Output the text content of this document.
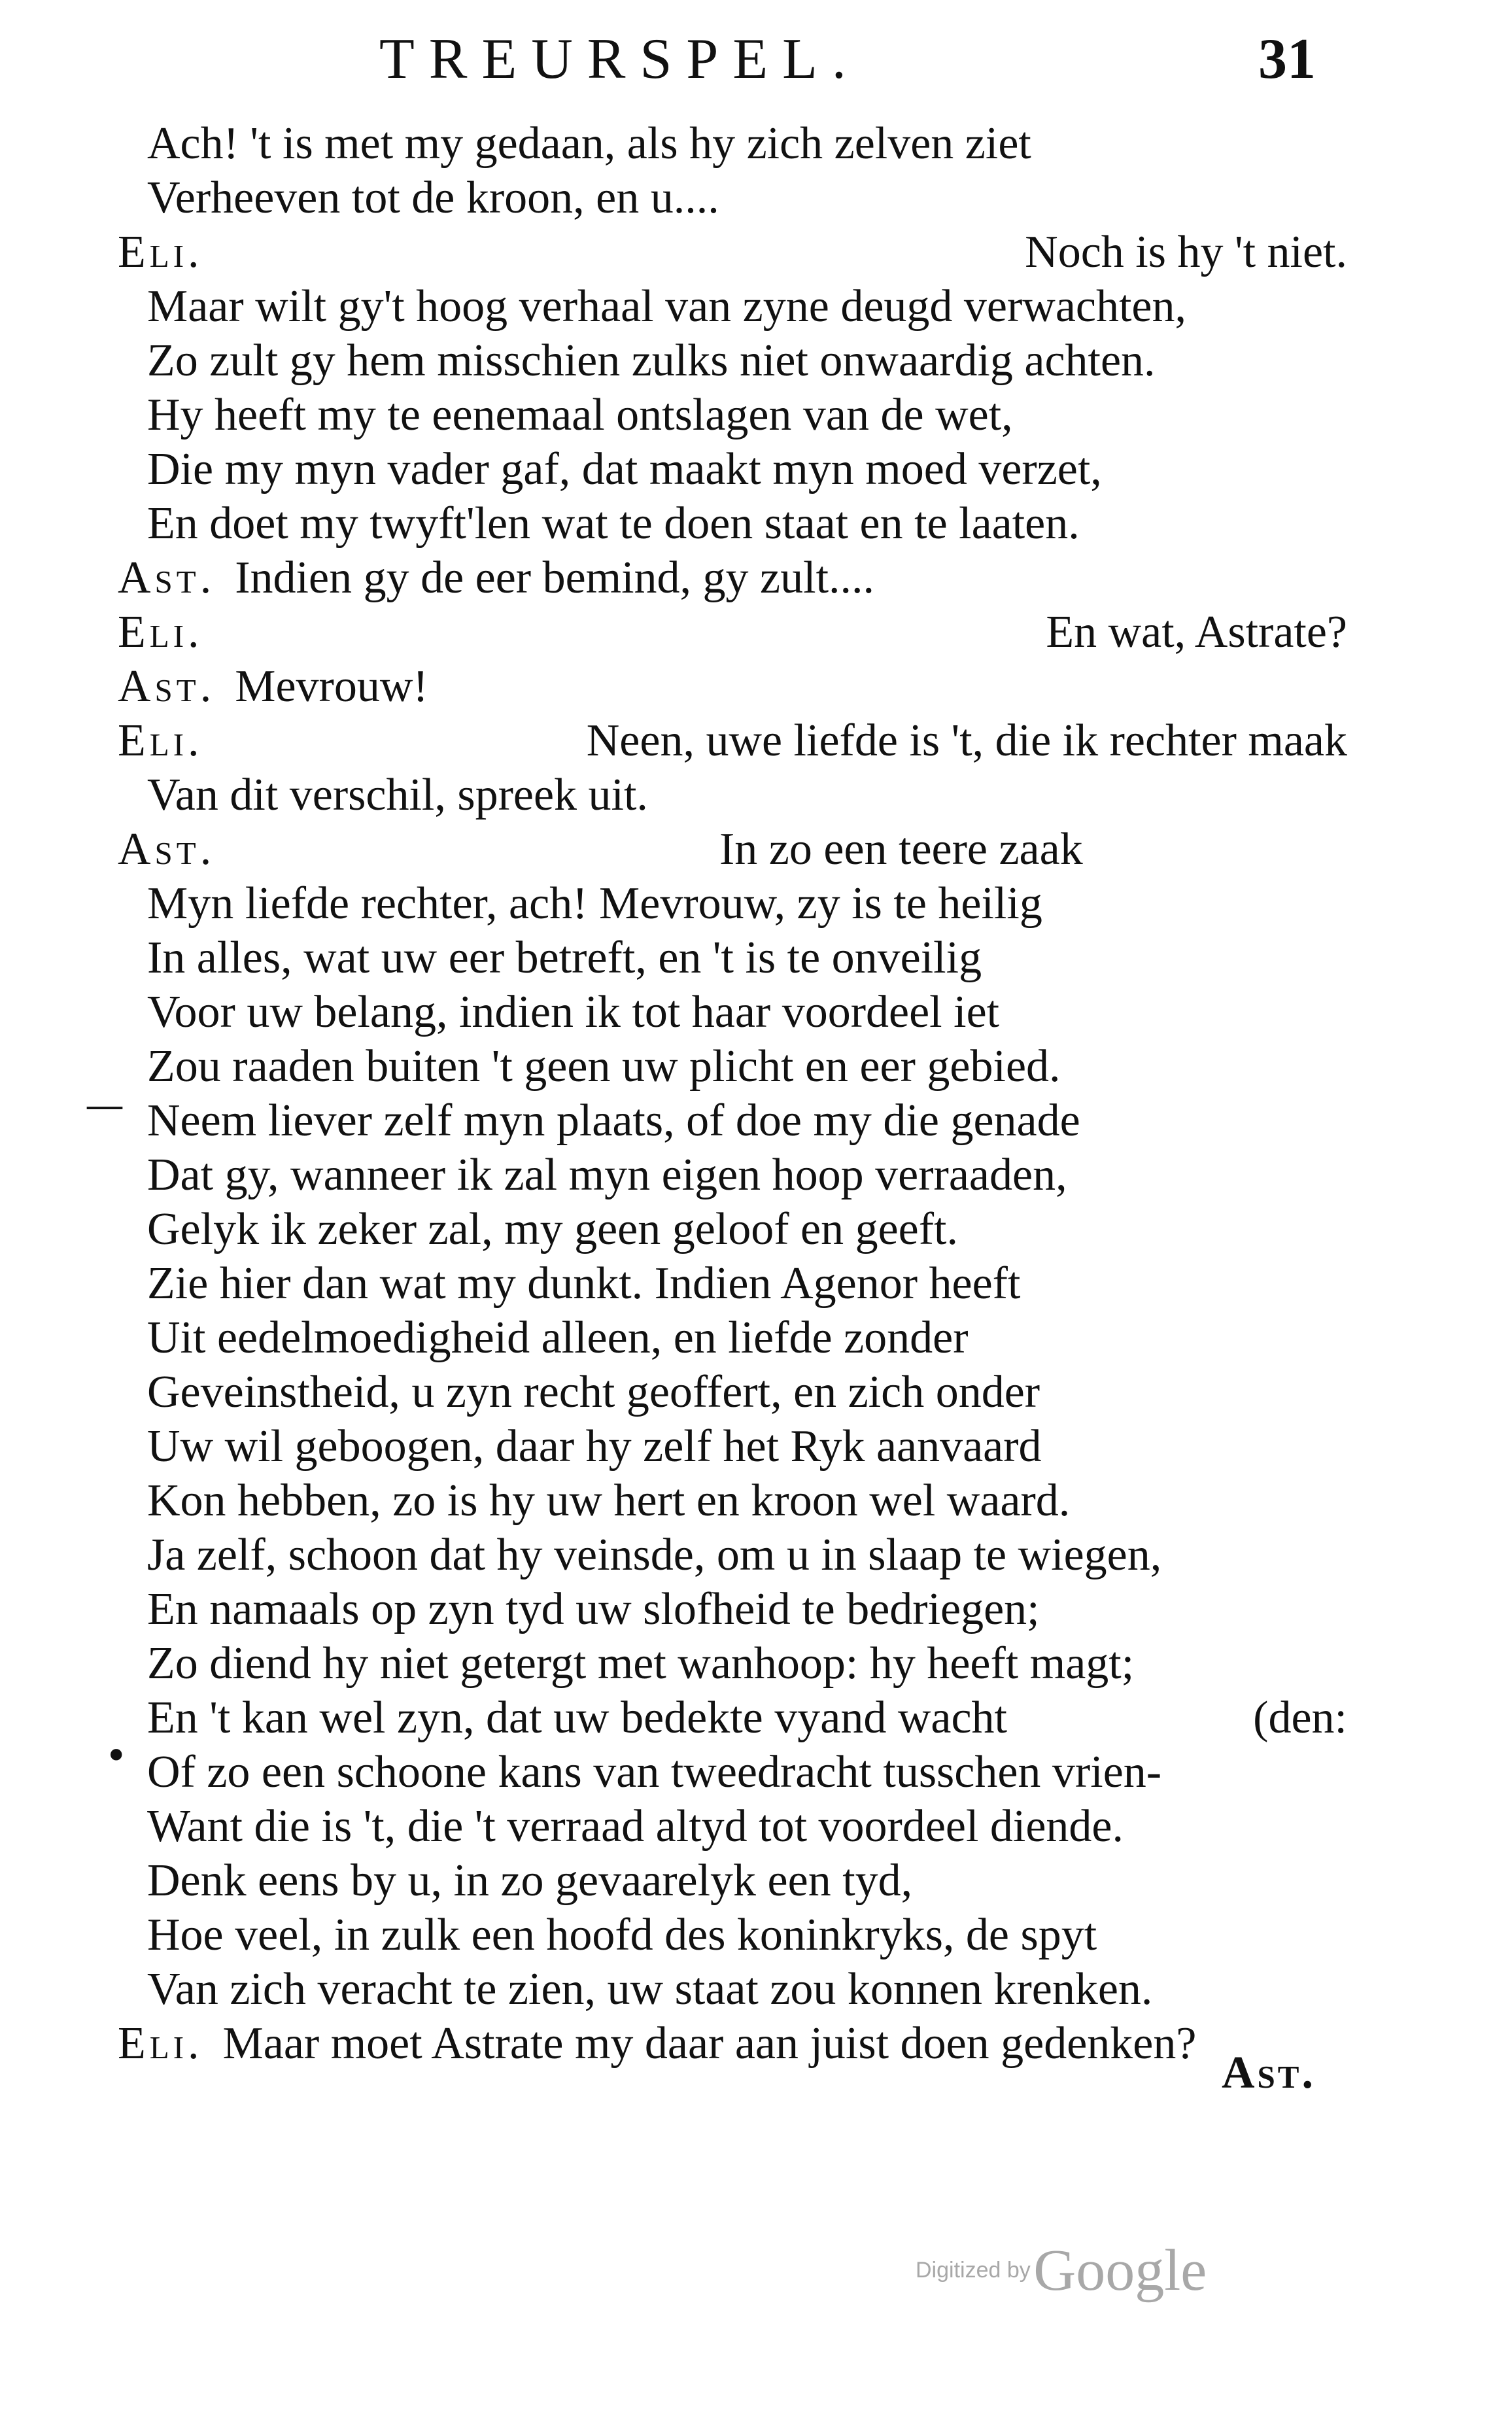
TREURSPEL.	31
—
•
Ach! 't is met my gedaan, als hy zich zelven ziet
Verheeven tot de kroon, en u....
Eli.	Noch is hy 't niet.
Maar wilt gy't hoog verhaal van zyne deugd verwachten,
Zo zult gy hem misschien zulks niet onwaardig achten.
Hy heeft my te eenemaal ontslagen van de wet,
Die my myn vader gaf, dat maakt myn moed verzet,
En doet my twyft'len wat te doen staat en te laaten.
Ast. Indien gy de eer bemind, gy zult....
Eli.	En wat, Astrate?
Ast. Mevrouw!
Eli.	Neen, uwe liefde is 't, die ik rechter maak
Van dit verschil, spreek uit.
Ast.	In zo een teere zaak
Myn liefde rechter, ach! Mevrouw, zy is te heilig
In alles, wat uw eer betreft, en 't is te onveilig
Voor uw belang, indien ik tot haar voordeel iet
Zou raaden buiten 't geen uw plicht en eer gebied.
Neem liever zelf myn plaats, of doe my die genade
Dat gy, wanneer ik zal myn eigen hoop verraaden,
Gelyk ik zeker zal, my geen geloof en geeft.
Zie hier dan wat my dunkt. Indien Agenor heeft
Uit eedelmoedigheid alleen, en liefde zonder
Geveinstheid, u zyn recht geoffert, en zich onder
Uw wil geboogen, daar hy zelf het Ryk aanvaard
Kon hebben, zo is hy uw hert en kroon wel waard.
Ja zelf, schoon dat hy veinsde, om u in slaap te wiegen,
En namaals op zyn tyd uw slofheid te bedriegen;
Zo diend hy niet getergt met wanhoop: hy heeft magt;
En 't kan wel zyn, dat uw bedekte vyand wacht	(den:
Of zo een schoone kans van tweedracht tusschen vrien-
Want die is 't, die 't verraad altyd tot voordeel diende.
Denk eens by u, in zo gevaarelyk een tyd,
Hoe veel, in zulk een hoofd des koninkryks, de spyt
Van zich veracht te zien, uw staat zou konnen krenken.
Eli. Maar moet Astrate my daar aan juist doen gedenken?
Ast.
Digitized by Google
